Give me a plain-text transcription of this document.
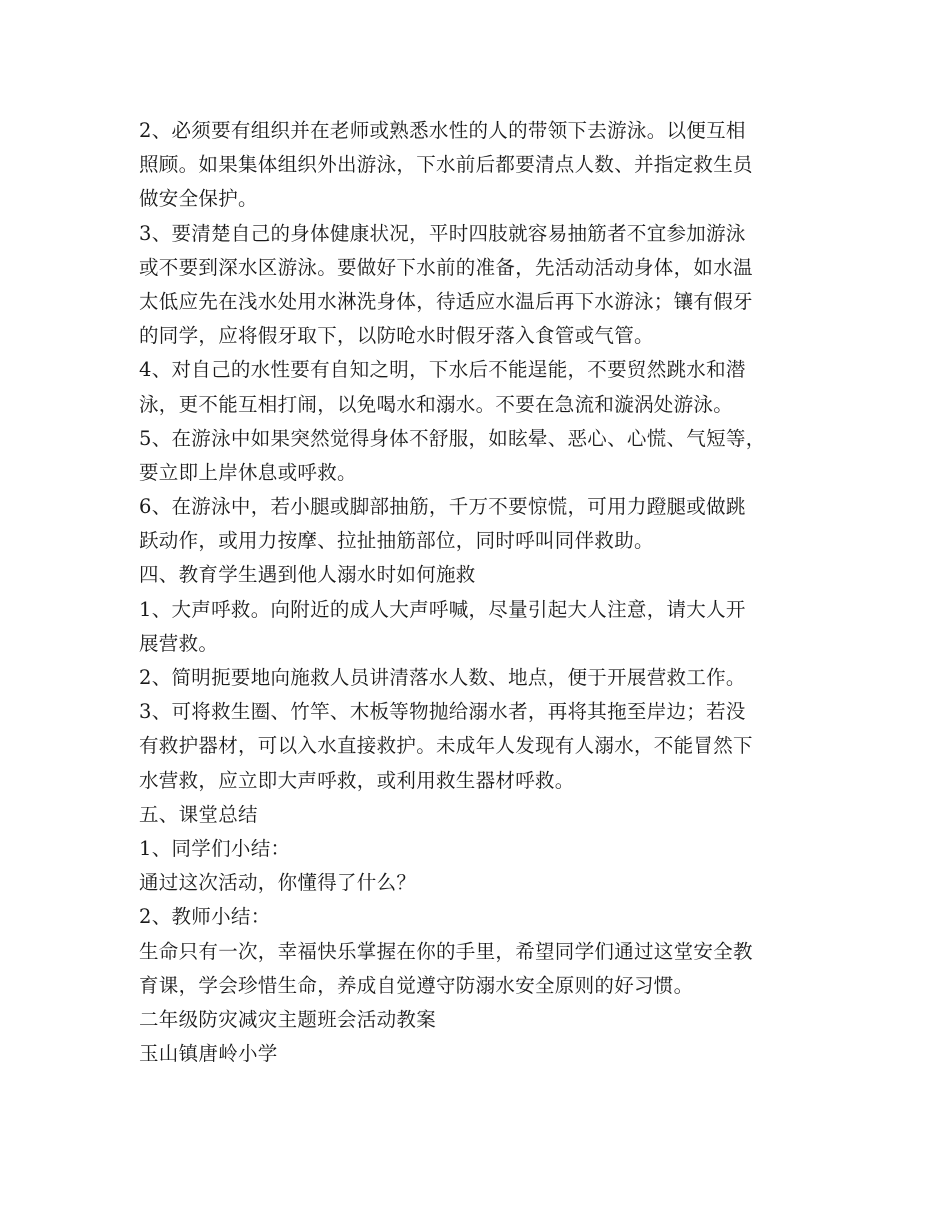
2、必须要有组织并在老师或熟悉水性的人的带领下去游泳。以便互相
照顾。如果集体组织外出游泳，下水前后都要清点人数、并指定救生员
做安全保护。
3、要清楚自己的身体健康状况，平时四肢就容易抽筋者不宜参加游泳
或不要到深水区游泳。要做好下水前的准备，先活动活动身体，如水温
太低应先在浅水处用水淋洗身体，待适应水温后再下水游泳；镶有假牙
的同学，应将假牙取下，以防呛水时假牙落入食管或气管。
4、对自己的水性要有自知之明，下水后不能逞能，不要贸然跳水和潜
泳，更不能互相打闹，以免喝水和溺水。不要在急流和漩涡处游泳。
5、在游泳中如果突然觉得身体不舒服，如眩晕、恶心、心慌、气短等，
要立即上岸休息或呼救。
6、在游泳中，若小腿或脚部抽筋，千万不要惊慌，可用力蹬腿或做跳
跃动作，或用力按摩、拉扯抽筋部位，同时呼叫同伴救助。
四、教育学生遇到他人溺水时如何施救
1、大声呼救。向附近的成人大声呼喊，尽量引起大人注意，请大人开
展营救。
2、简明扼要地向施救人员讲清落水人数、地点，便于开展营救工作。
3、可将救生圈、竹竿、木板等物抛给溺水者，再将其拖至岸边；若没
有救护器材，可以入水直接救护。未成年人发现有人溺水，不能冒然下
水营救，应立即大声呼救，或利用救生器材呼救。
五、课堂总结
1、同学们小结：
通过这次活动，你懂得了什么？
2、教师小结：
生命只有一次，幸福快乐掌握在你的手里，希望同学们通过这堂安全教
育课，学会珍惜生命，养成自觉遵守防溺水安全原则的好习惯。
二年级防灾减灾主题班会活动教案
玉山镇唐岭小学
